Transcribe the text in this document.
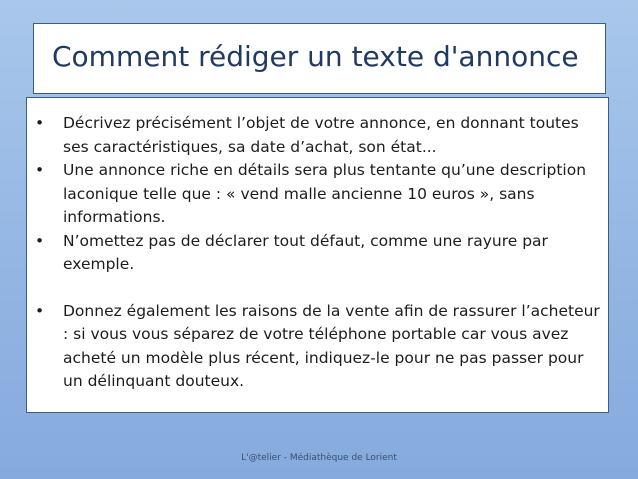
Comment rédiger un texte d'annonce
• Décrivez précisément l’objet de votre annonce, en donnant toutes ses caractéristiques, sa date d’achat, son état...
• Une annonce riche en détails sera plus tentante qu’une description laconique telle que : « vend malle ancienne 10 euros », sans informations.
• N’omettez pas de déclarer tout défaut, comme une rayure par exemple.
• Donnez également les raisons de la vente afin de rassurer l’acheteur : si vous vous séparez de votre téléphone portable car vous avez acheté un modèle plus récent, indiquez-le pour ne pas passer pour un délinquant douteux.
L'@telier - Médiathèque de Lorient
